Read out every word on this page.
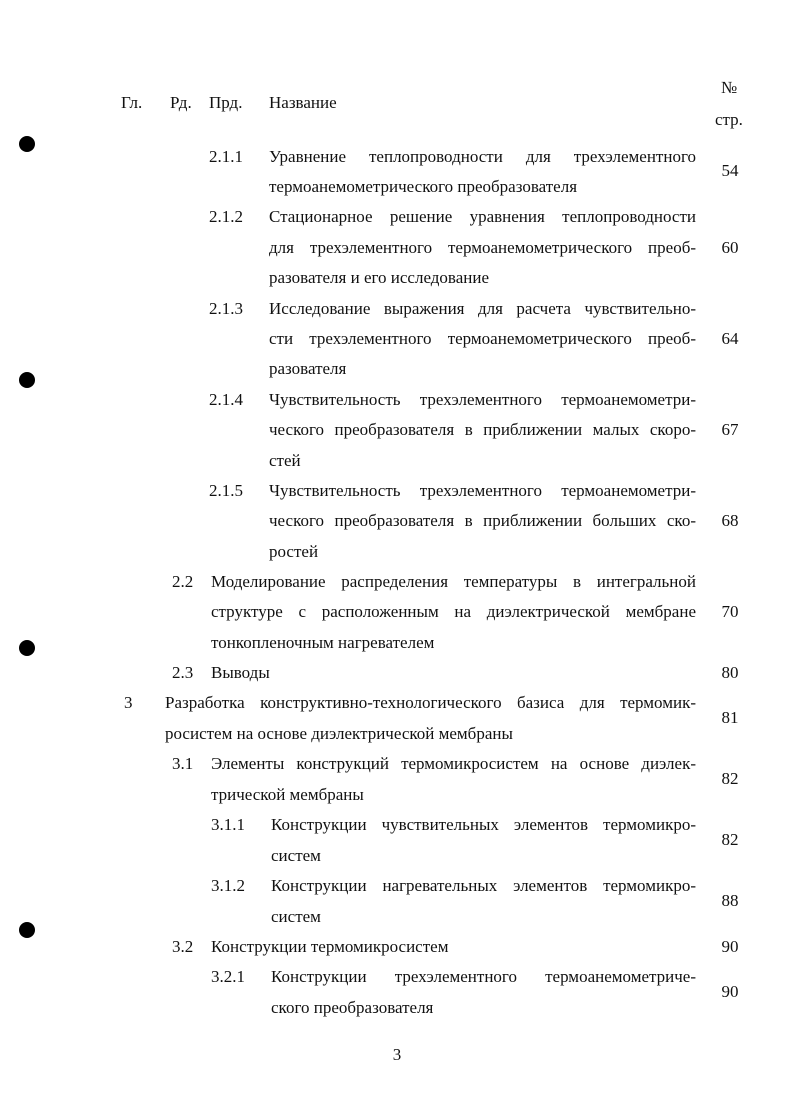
Гл. Рд. Прд. Название
№
стр.
2.1.1 Уравнение теплопроводности для трехэлементного
термоанемометрического преобразователя
54
2.1.2 Стационарное решение уравнения теплопроводности
для трехэлементного термоанемометрического преоб-
разователя и его исследование
60
2.1.3 Исследование выражения для расчета чувствительно-
сти трехэлементного термоанемометрического преоб-
разователя
64
2.1.4 Чувствительность трехэлементного термоанемометри-
ческого преобразователя в приближении малых скоро-
стей
67
2.1.5 Чувствительность трехэлементного термоанемометри-
ческого преобразователя в приближении больших ско-
ростей
68
2.2 Моделирование распределения температуры в интегральной
структуре с расположенным на диэлектрической мембране
тонкопленочным нагревателем
70
2.3 Выводы	80
3 Разработка конструктивно-технологического базиса для термомик-
росистем на основе диэлектрической мембраны
81
3.1 Элементы конструкций термомикросистем на основе диэлек-
трической мембраны
82
3.1.1 Конструкции чувствительных элементов термомикро-
систем
82
3.1.2 Конструкции нагревательных элементов термомикро-
систем
88
3.2 Конструкции термомикросистем	90
3.2.1 Конструкции трехэлементного термоанемометриче-
ского преобразователя
90
3
